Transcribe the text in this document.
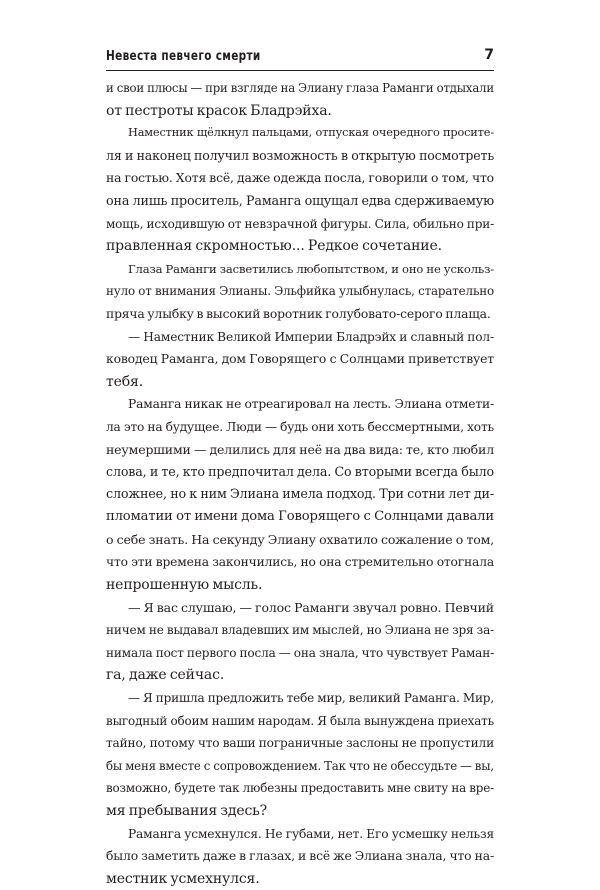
Невеста певчего смерти	7
и свои плюсы — при взгляде на Элиану глаза Раманги отдыхали
от пестроты красок Бладрэйха.
Наместник щёлкнул пальцами, отпуская очередного просите-
ля и наконец получил возможность в открытую посмотреть
на гостью. Хотя всё, даже одежда посла, говорили о том, что
она лишь проситель, Раманга ощущал едва сдерживаемую
мощь, исходившую от невзрачной фигуры. Сила, обильно при-
правленная скромностью... Редкое сочетание.
Глаза Раманги засветились любопытством, и оно не ускольз-
нуло от внимания Элианы. Эльфийка улыбнулась, старательно
пряча улыбку в высокий воротник голубовато-серого плаща.
— Наместник Великой Империи Бладрэйх и славный пол-
ководец Раманга, дом Говорящего с Солнцами приветствует
тебя.
Раманга никак не отреагировал на лесть. Элиана отмети-
ла это на будущее. Люди — будь они хоть бессмертными, хоть
неумершими — делились для неё на два вида: те, кто любил
слова, и те, кто предпочитал дела. Со вторыми всегда было
сложнее, но к ним Элиана имела подход. Три сотни лет ди-
пломатии от имени дома Говорящего с Солнцами давали
о себе знать. На секунду Элиану охватило сожаление о том,
что эти времена закончились, но она стремительно отогнала
непрошенную мысль.
— Я вас слушаю, — голос Раманги звучал ровно. Певчий
ничем не выдавал владевших им мыслей, но Элиана не зря за-
нимала пост первого посла — она знала, что чувствует Раман-
га, даже сейчас.
— Я пришла предложить тебе мир, великий Раманга. Мир,
выгодный обоим нашим народам. Я была вынуждена приехать
тайно, потому что ваши пограничные заслоны не пропустили
бы меня вместе с сопровождением. Так что не обессудьте — вы,
возможно, будете так любезны предоставить мне свиту на вре-
мя пребывания здесь?
Раманга усмехнулся. Не губами, нет. Его усмешку нельзя
было заметить даже в глазах, и всё же Элиана знала, что на-
местник усмехнулся.
